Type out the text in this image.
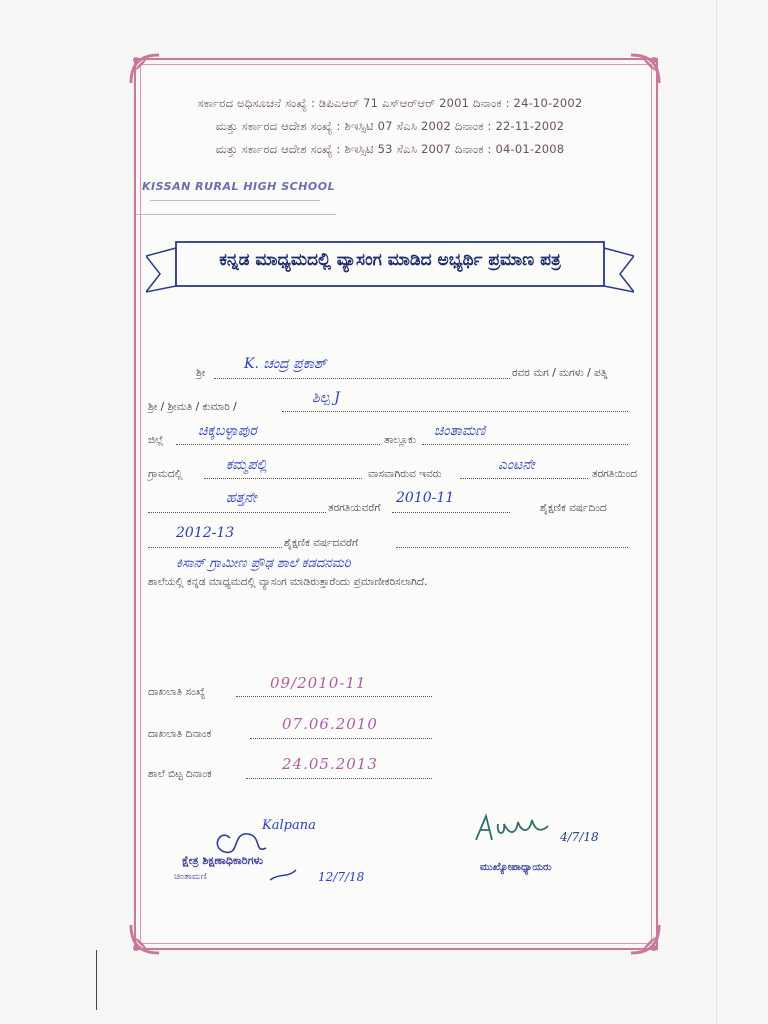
ಸರ್ಕಾರದ ಅಧಿಸೂಚನೆ ಸಂಖ್ಯೆ : ಡಿಪಿಎಆರ್ 71 ಎಸ್‌ಆರ್‌ಆರ್ 2001 ದಿನಾಂಕ : 24-10-2002
ಮತ್ತು ಸರ್ಕಾರದ ಆದೇಶ ಸಂಖ್ಯೆ : ಶಿಇಸ್ಸಿಟಿ 07 ಸೆಎಸಿ 2002 ದಿನಾಂಕ : 22-11-2002
ಮತ್ತು ಸರ್ಕಾರದ ಆದೇಶ ಸಂಖ್ಯೆ : ಶಿಇಸ್ಸಿಟಿ 53 ಸೆಎಸಿ 2007 ದಿನಾಂಕ : 04-01-2008
KISSAN RURAL HIGH SCHOOL
ಕನ್ನಡ ಮಾಧ್ಯಮದಲ್ಲಿ ವ್ಯಾಸಂಗ ಮಾಡಿದ ಅಭ್ಯರ್ಥಿ ಪ್ರಮಾಣ ಪತ್ರ
ಶ್ರೀ
K. ಚಂದ್ರ ಪ್ರಕಾಶ್
ರವರ ಮಗ / ಮಗಳು / ಪತ್ನಿ
ಶ್ರೀ / ಶ್ರೀಮತಿ / ಕುಮಾರಿ /
ಶಿಲ್ಪ J
ಜಿಲ್ಲೆ
ಚಿಕ್ಕಬಳ್ಳಾಪುರ
ತಾಲ್ಲೂಕು
ಚಿಂತಾಮಣಿ
ಗ್ರಾಮದಲ್ಲಿ
ಕಮ್ಮಪಲ್ಲಿ
ವಾಸವಾಗಿರುವ ಇವರು
ಎಂಟನೇ
ತರಗತಿಯಿಂದ
ಹತ್ತನೇ
ತರಗತಿಯವರೆಗೆ
2010-11
ಶೈಕ್ಷಣಿಕ ವರ್ಷದಿಂದ
2012-13
ಶೈಕ್ಷಣಿಕ ವರ್ಷದವರೆಗೆ
ಕಿಸಾನ್ ಗ್ರಾಮೀಣ ಪ್ರೌಢ ಶಾಲೆ ಕಡದನಮರಿ
ಶಾಲೆಯಲ್ಲಿ ಕನ್ನಡ ಮಾಧ್ಯಮದಲ್ಲಿ ವ್ಯಾಸಂಗ ಮಾಡಿರುತ್ತಾರೆಂದು ಪ್ರಮಾಣೀಕರಿಸಲಾಗಿದೆ.
ದಾಖಲಾತಿ ಸಂಖ್ಯೆ	09/2010-11
ದಾಖಲಾತಿ ದಿನಾಂಕ
07.06.2010
ಶಾಲೆ ಬಿಟ್ಟ ದಿನಾಂಕ
24.05.2013
Kalpana
ಕ್ಷೇತ್ರ ಶಿಕ್ಷಣಾಧಿಕಾರಿಗಳು
ಚಿಂತಾಮಣಿ	12/7/18
4/7/18
ಮುಖ್ಯೋಪಾಧ್ಯಾಯರು
